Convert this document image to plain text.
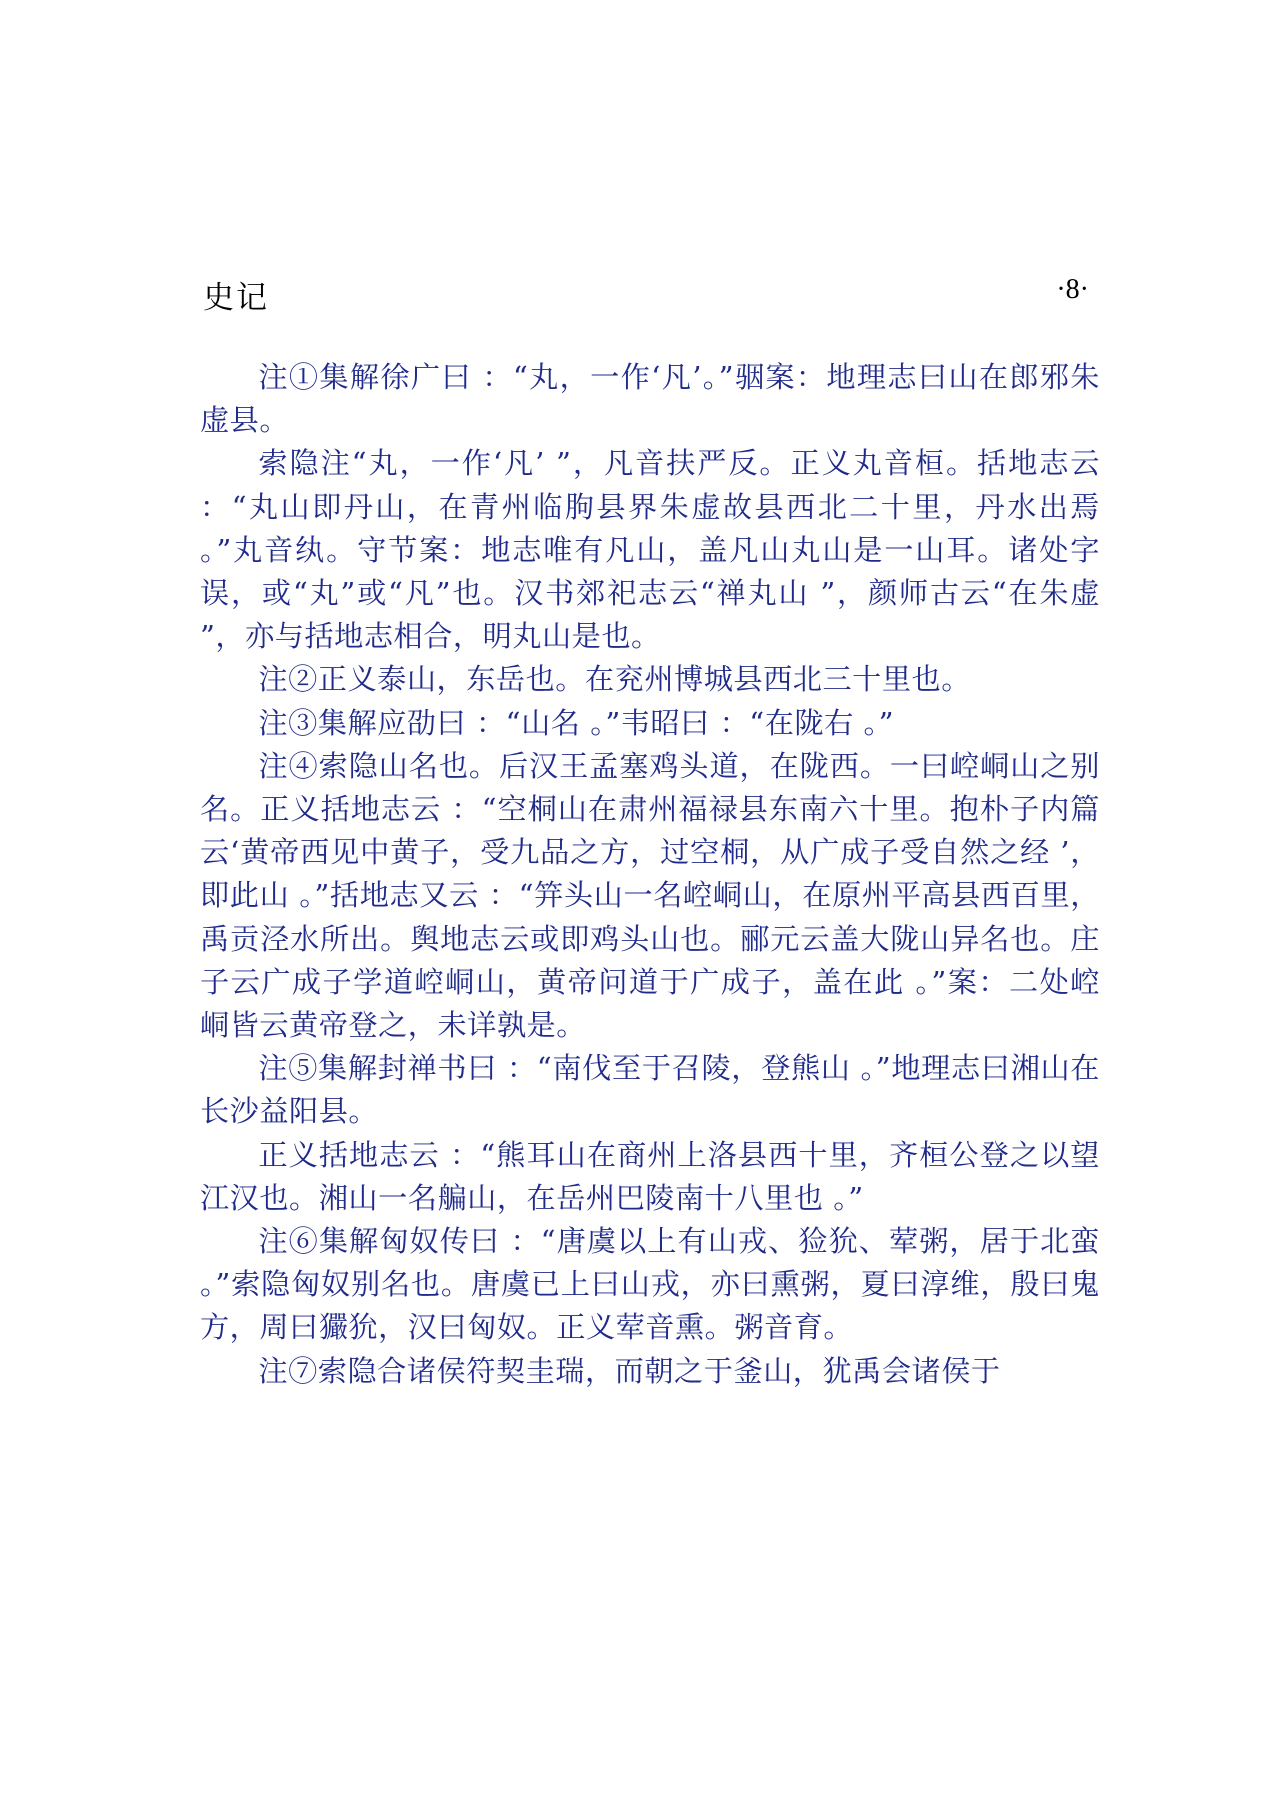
史记	·8·

注①集解徐广曰 ：“丸，一作‘凡’。”骃案：地理志曰山在郎邪朱虚县。

索隐注“丸，一作‘凡’ ”，凡音扶严反。正义丸音桓。括地志云 ：“丸山即丹山，在青州临朐县界朱虚故县西北二十里，丹水出焉 。”丸音纨。守节案：地志唯有凡山，盖凡山丸山是一山耳。诸处字误，或“丸”或“凡”也。汉书郊祀志云“禅丸山 ”，颜师古云“在朱虚 ”，亦与括地志相合，明丸山是也。

注②正义泰山，东岳也。在兖州博城县西北三十里也。

注③集解应劭曰 ：“山名 。”韦昭曰 ：“在陇右 。”

注④索隐山名也。后汉王孟塞鸡头道，在陇西。一曰崆峒山之别名。正义括地志云 ：“空桐山在肃州福禄县东南六十里。抱朴子内篇云‘黄帝西见中黄子，受九品之方，过空桐，从广成子受自然之经 ’，即此山 。”括地志又云 ：“笄头山一名崆峒山，在原州平高县西百里，禹贡泾水所出。舆地志云或即鸡头山也。郦元云盖大陇山异名也。庄子云广成子学道崆峒山，黄帝问道于广成子，盖在此 。”案：二处崆峒皆云黄帝登之，未详孰是。

注⑤集解封禅书曰 ：“南伐至于召陵，登熊山 。”地理志曰湘山在长沙益阳县。

正义括地志云 ：“熊耳山在商州上洛县西十里，齐桓公登之以望江汉也。湘山一名艑山，在岳州巴陵南十八里也 。”

注⑥集解匈奴传曰 ：“唐虞以上有山戎、猃狁、荤粥，居于北蛮 。”索隐匈奴别名也。唐虞已上曰山戎，亦曰熏粥，夏曰淳维，殷曰鬼方，周曰玁狁，汉曰匈奴。正义荤音熏。粥音育。

注⑦索隐合诸侯符契圭瑞，而朝之于釜山，犹禹会诸侯于
